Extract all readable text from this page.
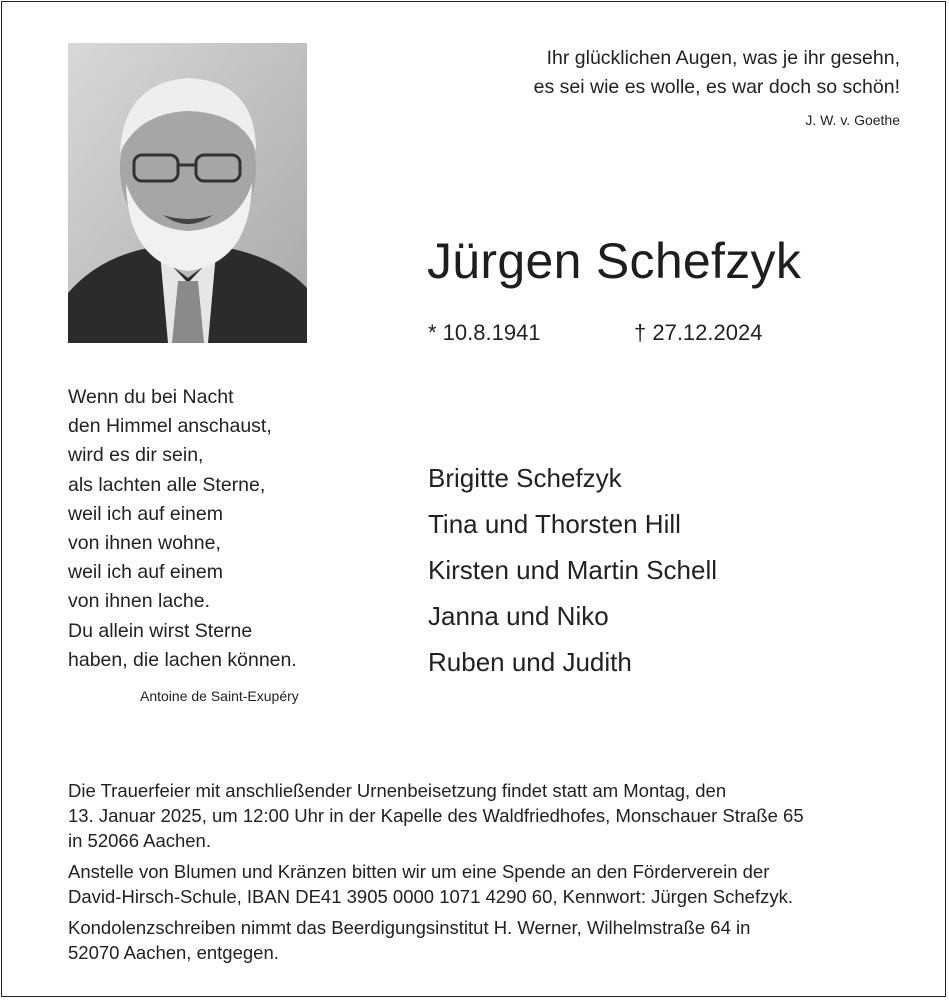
Ihr glücklichen Augen, was je ihr gesehn,
es sei wie es wolle, es war doch so schön!
J. W. v. Goethe
Jürgen Schefzyk
* 10.8.1941	† 27.12.2024
Wenn du bei Nacht
den Himmel anschaust,
wird es dir sein,
als lachten alle Sterne,
weil ich auf einem
von ihnen wohne,
weil ich auf einem
von ihnen lache.
Du allein wirst Sterne
haben, die lachen können.
Antoine de Saint-Exupéry
Brigitte Schefzyk
Tina und Thorsten Hill
Kirsten und Martin Schell
Janna und Niko
Ruben und Judith

Die Trauerfeier mit anschließender Urnenbeisetzung findet statt am Montag, den
13. Januar 2025, um 12:00 Uhr in der Kapelle des Waldfriedhofes, Monschauer Straße 65
in 52066 Aachen.

Anstelle von Blumen und Kränzen bitten wir um eine Spende an den Förderverein der
David-Hirsch-Schule, IBAN DE41 3905 0000 1071 4290 60, Kennwort: Jürgen Schefzyk.

Kondolenzschreiben nimmt das Beerdigungsinstitut H. Werner, Wilhelmstraße 64 in
52070 Aachen, entgegen.
